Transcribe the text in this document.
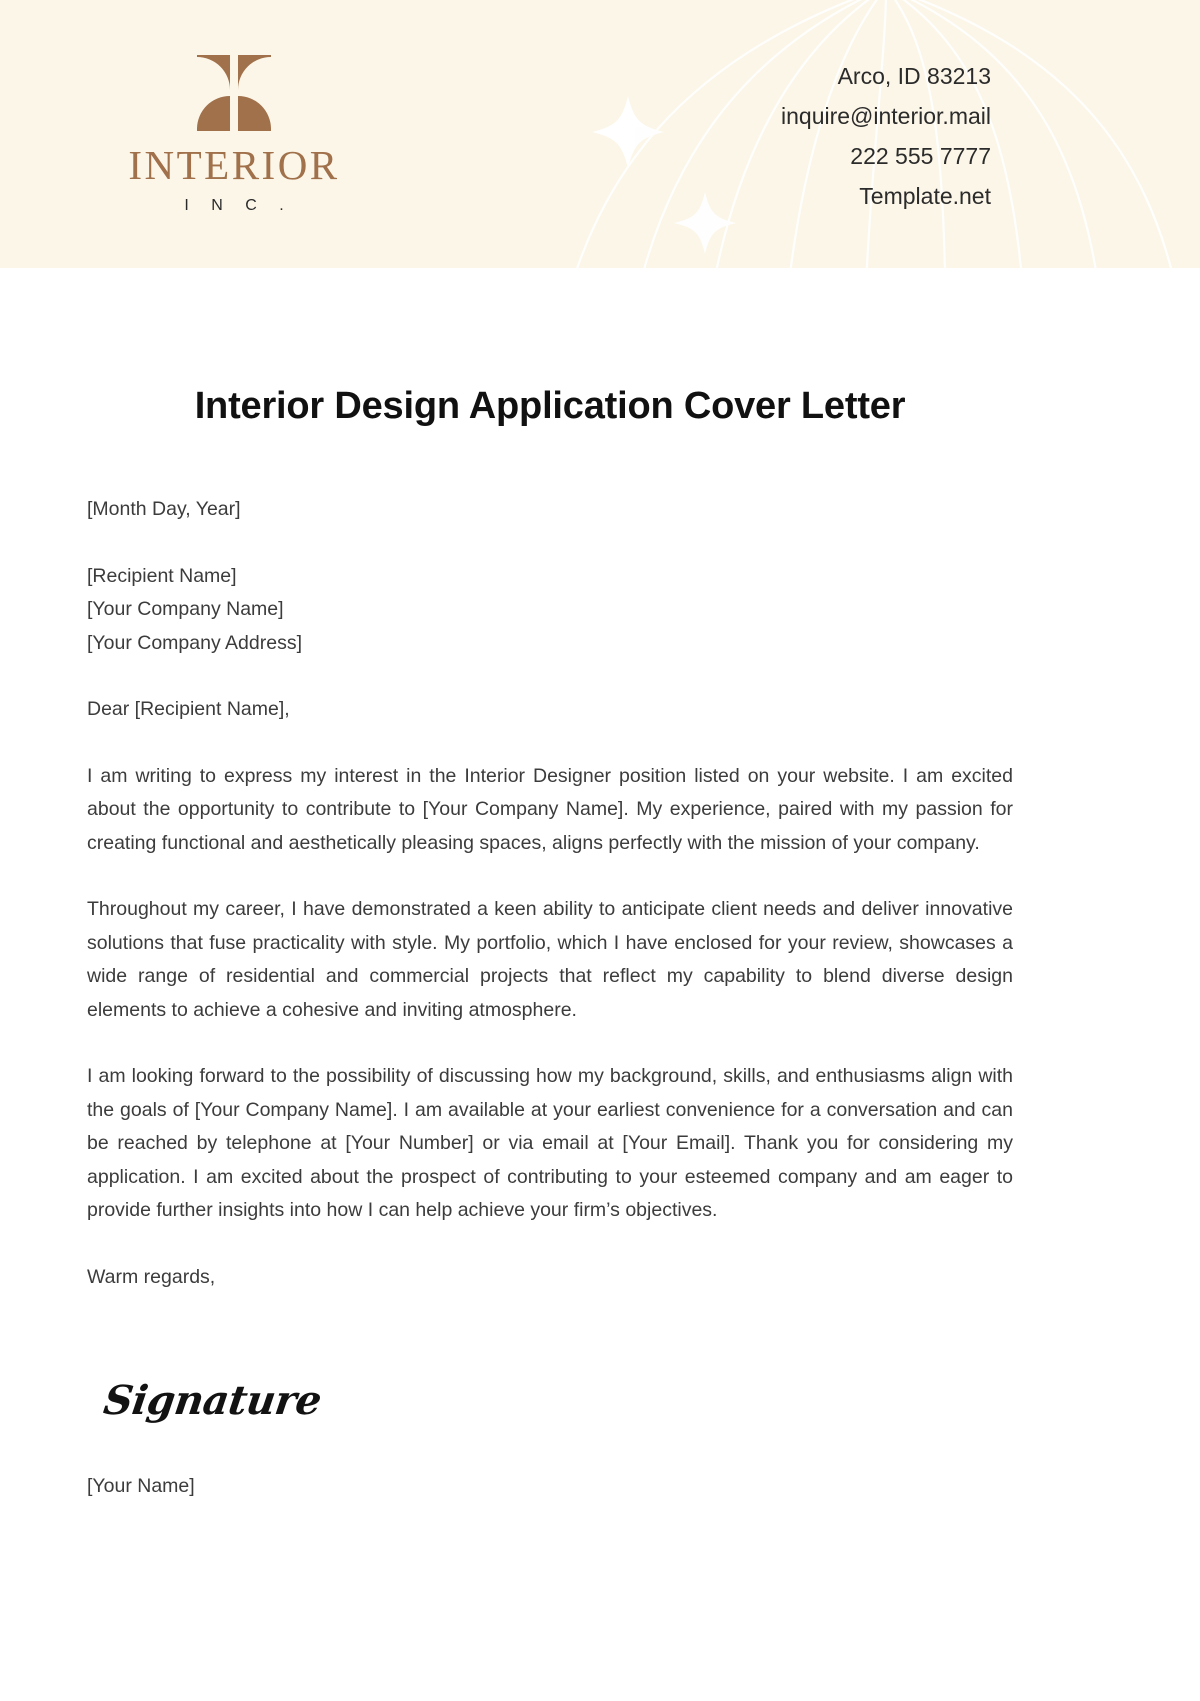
INTERIOR
I N C .
Arco, ID 83213
inquire@interior.mail
222 555 7777
Template.net
Interior Design Application Cover Letter

[Month Day, Year]

[Recipient Name]
[Your Company Name]
[Your Company Address]

Dear [Recipient Name],

I am writing to express my interest in the Interior Designer position listed on your website. I am excited about the opportunity to contribute to [Your Company Name]. My experience, paired with my passion for creating functional and aesthetically pleasing spaces, aligns perfectly with the mission of your company.

Throughout my career, I have demonstrated a keen ability to anticipate client needs and deliver innovative solutions that fuse practicality with style. My portfolio, which I have enclosed for your review, showcases a wide range of residential and commercial projects that reflect my capability to blend diverse design elements to achieve a cohesive and inviting atmosphere.

I am looking forward to the possibility of discussing how my background, skills, and enthusiasms align with the goals of [Your Company Name]. I am available at your earliest convenience for a conversation and can be reached by telephone at [Your Number] or via email at [Your Email]. Thank you for considering my application. I am excited about the prospect of contributing to your esteemed company and am eager to provide further insights into how I can help achieve your firm’s objectives.

Warm regards,

Signature
[Your Name]
